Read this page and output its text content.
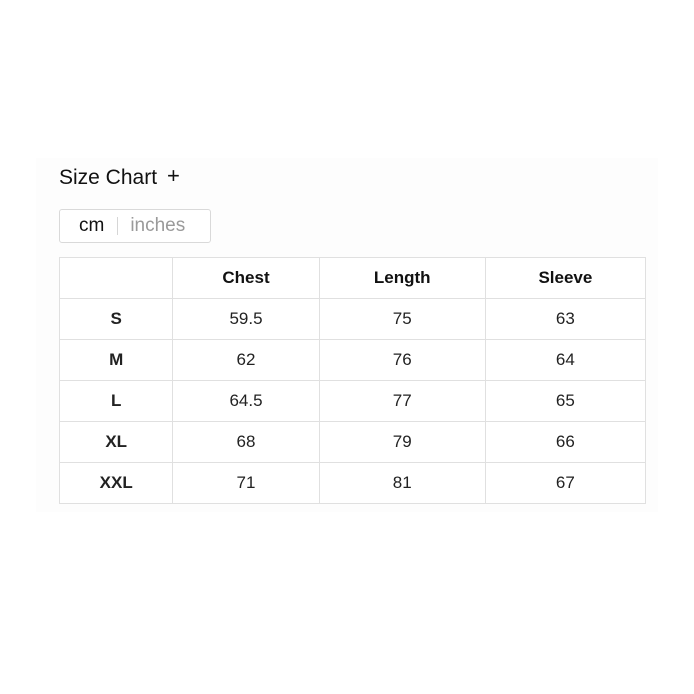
Size Chart +
cm inches
	Chest	Length	Sleeve
S	59.5	75	63
M	62	76	64
L	64.5	77	65
XL	68	79	66
XXL	71	81	67
